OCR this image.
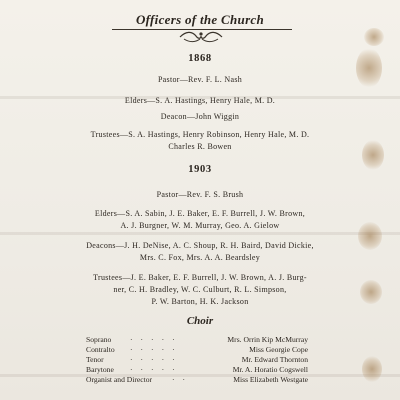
Officers of the Church
1868
Pastor—Rev. F. L. Nash
Elders—S. A. Hastings, Henry Hale, M. D.
Deacon—John Wiggin
Trustees—S. A. Hastings, Henry Robinson, Henry Hale, M. D.
Charles R. Bowen
1903
Pastor—Rev. F. S. Brush
Elders—S. A. Sabin, J. E. Baker, E. F. Burrell, J. W. Brown,
A. J. Burgner, W. M. Murray, Geo. A. Gielow
Deacons—J. H. DeNise, A. C. Shoup, R. H. Baird, David Dickie,
Mrs. C. Fox, Mrs. A. A. Beardsley
Trustees—J. E. Baker, E. F. Burrell, J. W. Brown, A. J. Burg-
ner, C. H. Bradley, W. C. Culburt, R. L. Simpson,
P. W. Barton, H. K. Jackson
Choir
Soprano ·····	Mrs. Orrin Kip McMurray
Contralto ·····	Miss Georgie Cope
Tenor	·····	Mr. Edward Thornton
Barytone ·····	Mr. A. Horatio Cogswell
Organist and Director	··	Miss Elizabeth Westgate
